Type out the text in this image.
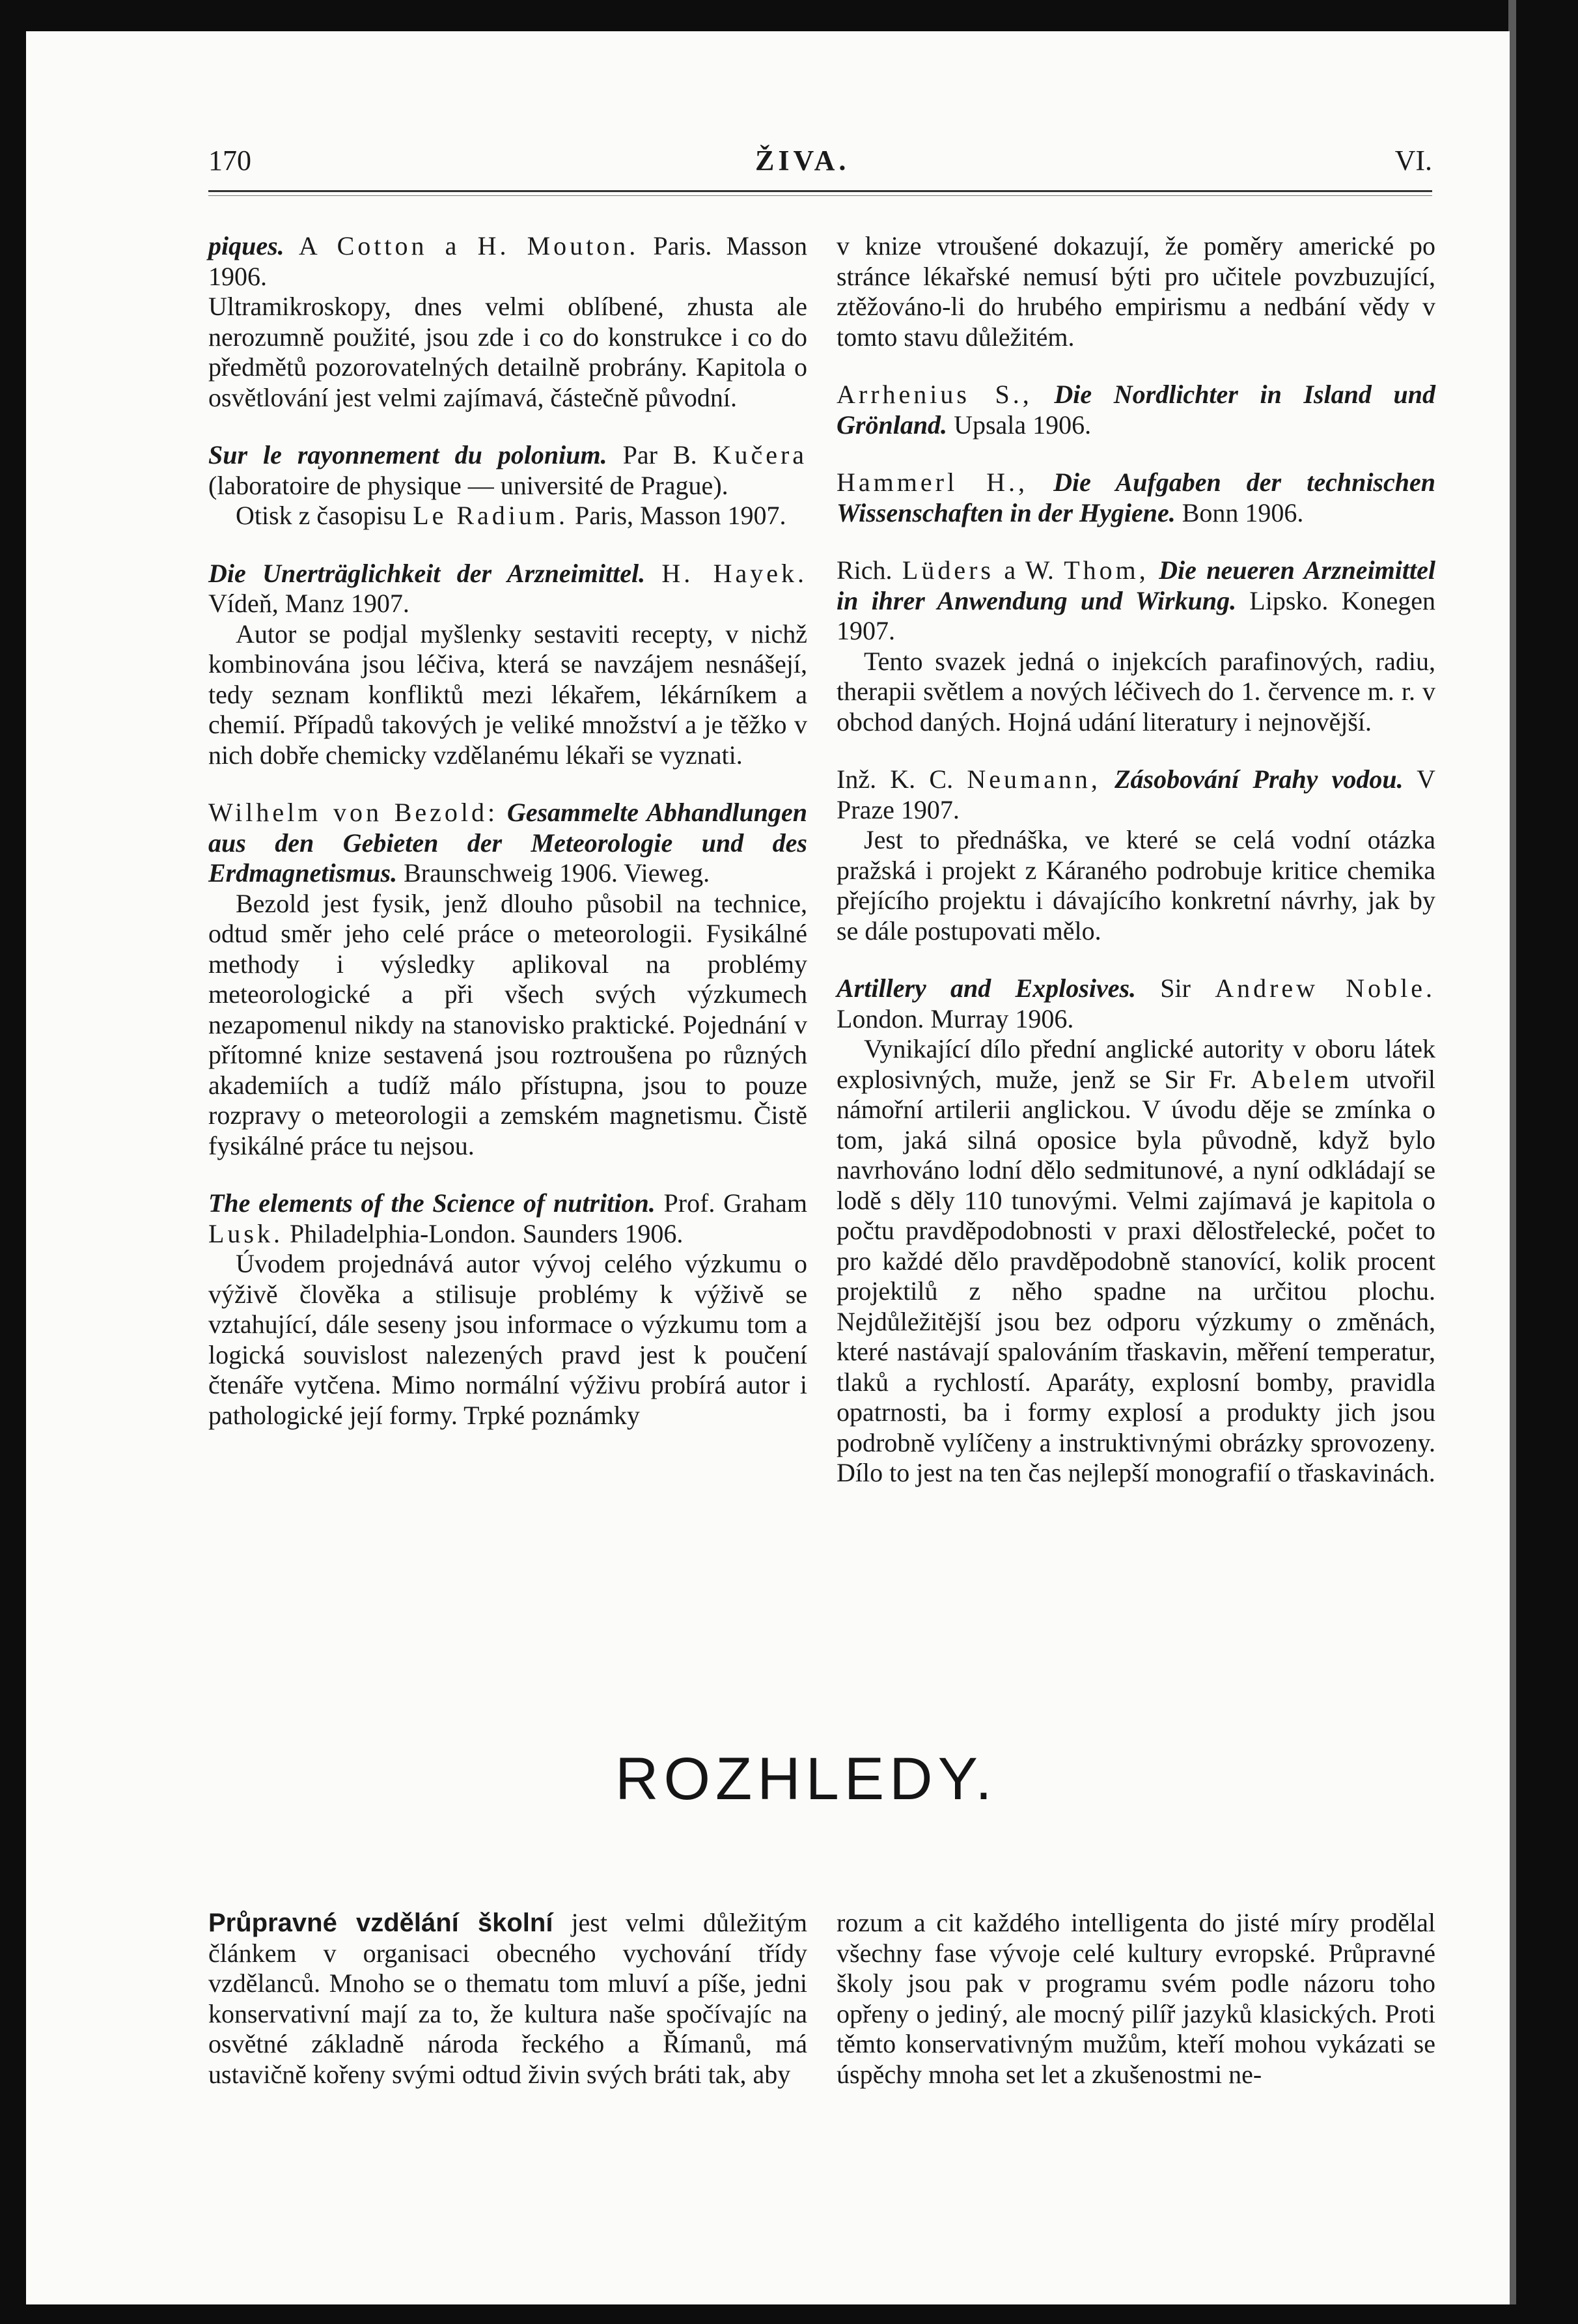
170	ŽIVA.	VI.

piques. A Cotton a H. Mouton. Paris. Masson 1906.

Ultramikroskopy, dnes velmi oblíbené, zhusta ale nerozumně použité, jsou zde i co do konstrukce i co do předmětů pozorovatelných detailně probrány. Kapitola o osvětlování jest velmi zajímavá, částečně původní.

Sur le rayonnement du polonium. Par B. Kučera (laboratoire de physique — université de Prague).

Otisk z časopisu Le Radium. Paris, Masson 1907.

Die Unerträglichkeit der Arzneimittel. H. Hayek. Vídeň, Manz 1907.

Autor se podjal myšlenky sestaviti recepty, v nichž kombinována jsou léčiva, která se navzájem nesnášejí, tedy seznam konfliktů mezi lékařem, lékárníkem a chemií. Případů takových je veliké množství a je těžko v nich dobře chemicky vzdělanému lékaři se vyznati.

Wilhelm von Bezold: Gesammelte Abhandlungen aus den Gebieten der Meteorologie und des Erdmagnetismus. Braunschweig 1906. Vieweg.

Bezold jest fysik, jenž dlouho působil na technice, odtud směr jeho celé práce o meteorologii. Fysikálné methody i výsledky aplikoval na problémy meteorologické a při všech svých výzkumech nezapomenul nikdy na stanovisko praktické. Pojednání v přítomné knize sestavená jsou roztroušena po různých akademiích a tudíž málo přístupna, jsou to pouze rozpravy o meteorologii a zemském magnetismu. Čistě fysikálné práce tu nejsou.

The elements of the Science of nutrition. Prof. Graham Lusk. Philadelphia-London. Saunders 1906.

Úvodem projednává autor vývoj celého výzkumu o výživě člověka a stilisuje problémy k výživě se vztahující, dále seseny jsou informace o výzkumu tom a logická souvislost nalezených pravd jest k poučení čtenáře vytčena. Mimo normální výživu probírá autor i pathologické její formy. Trpké poznámky

v knize vtroušené dokazují, že poměry americké po stránce lékařské nemusí býti pro učitele povzbuzující, ztěžováno-li do hrubého empirismu a nedbání vědy v tomto stavu důležitém.

Arrhenius S., Die Nordlichter in Island und Grönland. Upsala 1906.

Hammerl H., Die Aufgaben der technischen Wissenschaften in der Hygiene. Bonn 1906.

Rich. Lüders a W. Thom, Die neueren Arzneimittel in ihrer Anwendung und Wirkung. Lipsko. Konegen 1907.

Tento svazek jedná o injekcích parafinových, radiu, therapii světlem a nových léčivech do 1. července m. r. v obchod daných. Hojná udání literatury i nejnovější.

Inž. K. C. Neumann, Zásobování Prahy vodou. V Praze 1907.

Jest to přednáška, ve které se celá vodní otázka pražská i projekt z Káraného podrobuje kritice chemika přejícího projektu i dávajícího konkretní návrhy, jak by se dále postupovati mělo.

Artillery and Explosives. Sir Andrew Noble. London. Murray 1906.

Vynikající dílo přední anglické autority v oboru látek explosivných, muže, jenž se Sir Fr. Abelem utvořil námořní artilerii anglickou. V úvodu děje se zmínka o tom, jaká silná oposice byla původně, když bylo navrhováno lodní dělo sedmitunové, a nyní odkládají se lodě s děly 110 tunovými. Velmi zajímavá je kapitola o počtu pravděpodobnosti v praxi dělostřelecké, počet to pro každé dělo pravděpodobně stanovící, kolik procent projektilů z něho spadne na určitou plochu. Nejdůležitější jsou bez odporu výzkumy o změnách, které nastávají spalováním třaskavin, měření temperatur, tlaků a rychlostí. Aparáty, explosní bomby, pravidla opatrnosti, ba i formy explosí a produkty jich jsou podrobně vylíčeny a instruktivnými obrázky sprovozeny. Dílo to jest na ten čas nejlepší monografií o třaskavinách.

ROZHLEDY.

Průpravné vzdělání školní jest velmi důležitým článkem v organisaci obecného vychování třídy vzdělanců. Mnoho se o thematu tom mluví a píše, jedni konservativní mají za to, že kultura naše spočívajíc na osvětné základně národa řeckého a Římanů, má ustavičně kořeny svými odtud živin svých bráti tak, aby

rozum a cit každého intelligenta do jisté míry prodělal všechny fase vývoje celé kultury evropské. Průpravné školy jsou pak v programu svém podle názoru toho opřeny o jediný, ale mocný pilíř jazyků klasických. Proti těmto konservativným mužům, kteří mohou vykázati se úspěchy mnoha set let a zkušenostmi ne-
